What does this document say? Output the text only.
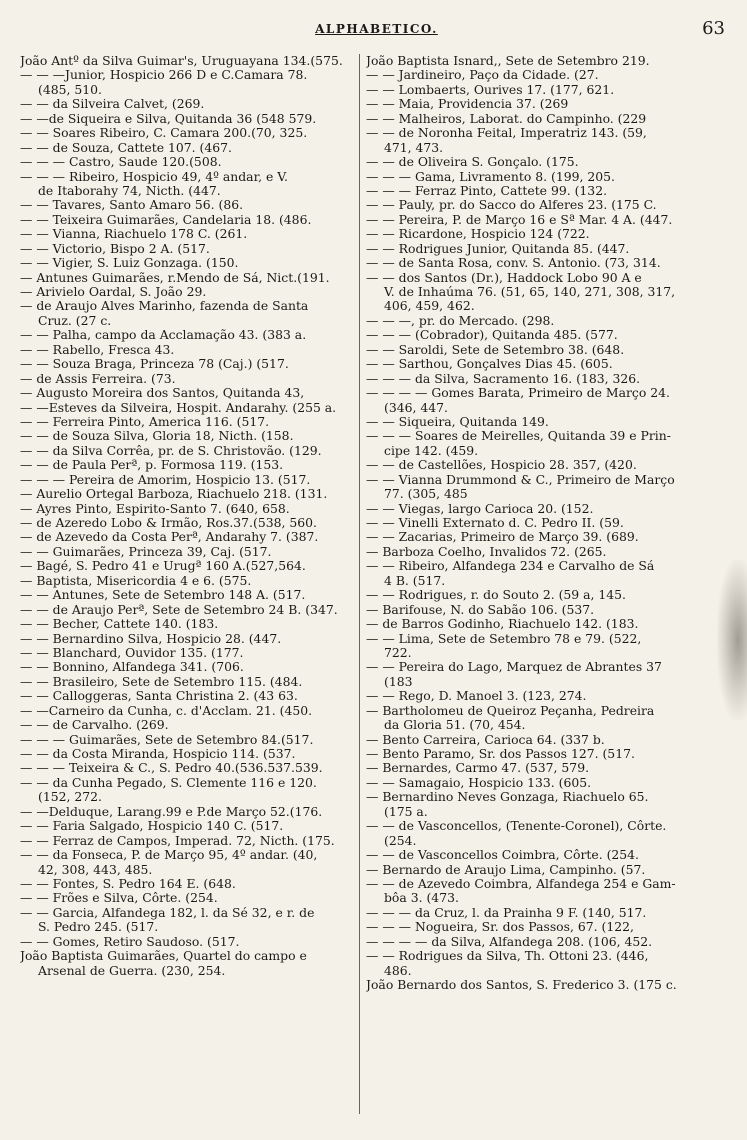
ALPHABETICO.	63
João Antº da Silva Guimar's, Uruguayana 134.(575.
— — —Junior, Hospicio 266 D e C.Camara 78.
(485, 510.
— — da Silveira Calvet, (269.
— —de Siqueira e Silva, Quitanda 36 (548 579.
— — Soares Ribeiro, C. Camara 200.(70, 325.
— — de Souza, Cattete 107. (467.
— — — Castro, Saude 120.(508.
— — — Ribeiro, Hospicio 49, 4º andar, e V.
de Itaborahy 74, Nicth. (447.
— — Tavares, Santo Amaro 56. (86.
— — Teixeira Guimarães, Candelaria 18. (486.
— — Vianna, Riachuelo 178 C. (261.
— — Victorio, Bispo 2 A. (517.
— — Vigier, S. Luiz Gonzaga. (150.
— Antunes Guimarães, r.Mendo de Sá, Nict.(191.
— Arivielo Oardal, S. João 29.
— de Araujo Alves Marinho, fazenda de Santa
Cruz. (27 c.
— — Palha, campo da Acclamação 43. (383 a.
— — Rabello, Fresca 43.
— — Souza Braga, Princeza 78 (Caj.) (517.
— de Assis Ferreira. (73.
— Augusto Moreira dos Santos, Quitanda 43,
— —Esteves da Silveira, Hospit. Andarahy. (255 a.
— — Ferreira Pinto, America 116. (517.
— — de Souza Silva, Gloria 18, Nicth. (158.
— — da Silva Corrêa, pr. de S. Christovão. (129.
— — de Paula Perª, p. Formosa 119. (153.
— — — Pereira de Amorim, Hospicio 13. (517.
— Aurelio Ortegal Barboza, Riachuelo 218. (131.
— Ayres Pinto, Espirito-Santo 7. (640, 658.
— de Azeredo Lobo & Irmão, Ros.37.(538, 560.
— de Azevedo da Costa Perª, Andarahy 7. (387.
— — Guimarães, Princeza 39, Caj. (517.
— Bagé, S. Pedro 41 e Urugª 160 A.(527,564.
— Baptista, Misericordia 4 e 6. (575.
— — Antunes, Sete de Setembro 148 A. (517.
— — de Araujo Perª, Sete de Setembro 24 B. (347.
— — Becher, Cattete 140. (183.
— — Bernardino Silva, Hospicio 28. (447.
— — Blanchard, Ouvidor 135. (177.
— — Bonnino, Alfandega 341. (706.
— — Brasileiro, Sete de Setembro 115. (484.
— — Calloggeras, Santa Christina 2. (43 63.
— —Carneiro da Cunha, c. d'Acclam. 21. (450.
— — de Carvalho. (269.
— — — Guimarães, Sete de Setembro 84.(517.
— — da Costa Miranda, Hospicio 114. (537.
— — — Teixeira & C., S. Pedro 40.(536.537.539.
— — da Cunha Pegado, S. Clemente 116 e 120.
(152, 272.
— —Delduque, Larang.99 e P.de Março 52.(176.
— — Faria Salgado, Hospicio 140 C. (517.
— — Ferraz de Campos, Imperad. 72, Nicth. (175.
— — da Fonseca, P. de Março 95, 4º andar. (40,
42, 308, 443, 485.
— — Fontes, S. Pedro 164 E. (648.
— — Frões e Silva, Côrte. (254.
— — Garcia, Alfandega 182, l. da Sé 32, e r. de
S. Pedro 245. (517.
— — Gomes, Retiro Saudoso. (517.
João Baptista Guimarães, Quartel do campo e
Arsenal de Guerra. (230, 254.
João Baptista Isnard,, Sete de Setembro 219.
— — Jardineiro, Paço da Cidade. (27.
— — Lombaerts, Ourives 17. (177, 621.
— — Maia, Providencia 37. (269
— — Malheiros, Laborat. do Campinho. (229
— — de Noronha Feital, Imperatriz 143. (59,
471, 473.
— — de Oliveira S. Gonçalo. (175.
— — — Gama, Livramento 8. (199, 205.
— — — Ferraz Pinto, Cattete 99. (132.
— — Pauly, pr. do Sacco do Alferes 23. (175 C.
— — Pereira, P. de Março 16 e Sª Mar. 4 A. (447.
— — Ricardone, Hospicio 124 (722.
— — Rodrigues Junior, Quitanda 85. (447.
— — de Santa Rosa, conv. S. Antonio. (73, 314.
— — dos Santos (Dr.), Haddock Lobo 90 A e
V. de Inhaúma 76. (51, 65, 140, 271, 308, 317,
406, 459, 462.
— — —, pr. do Mercado. (298.
— — — (Cobrador), Quitanda 485. (577.
— — Saroldi, Sete de Setembro 38. (648.
— — Sarthou, Gonçalves Dias 45. (605.
— — — da Silva, Sacramento 16. (183, 326.
— — — — Gomes Barata, Primeiro de Março 24.
(346, 447.
— — Siqueira, Quitanda 149.
— — — Soares de Meirelles, Quitanda 39 e Prin-
cipe 142. (459.
— — de Castellões, Hospicio 28. 357, (420.
— — Vianna Drummond & C., Primeiro de Março
77. (305, 485
— — Viegas, largo Carioca 20. (152.
— — Vinelli Externato d. C. Pedro II. (59.
— — Zacarias, Primeiro de Março 39. (689.
— Barboza Coelho, Invalidos 72. (265.
— — Ribeiro, Alfandega 234 e Carvalho de Sá
4 B. (517.
— — Rodrigues, r. do Souto 2. (59 a, 145.
— Barifouse, N. do Sabão 106. (537.
— de Barros Godinho, Riachuelo 142. (183.
— — Lima, Sete de Setembro 78 e 79. (522,
722.
— — Pereira do Lago, Marquez de Abrantes 37
(183
— — Rego, D. Manoel 3. (123, 274.
— Bartholomeu de Queiroz Peçanha, Pedreira
da Gloria 51. (70, 454.
— Bento Carreira, Carioca 64. (337 b.
— Bento Paramo, Sr. dos Passos 127. (517.
— Bernardes, Carmo 47. (537, 579.
— — Samagaio, Hospicio 133. (605.
— Bernardino Neves Gonzaga, Riachuelo 65.
(175 a.
— — de Vasconcellos, (Tenente-Coronel), Côrte.
(254.
— — de Vasconcellos Coimbra, Côrte. (254.
— Bernardo de Araujo Lima, Campinho. (57.
— — de Azevedo Coimbra, Alfandega 254 e Gam-
bôa 3. (473.
— — — da Cruz, l. da Prainha 9 F. (140, 517.
— — — Nogueira, Sr. dos Passos, 67. (122,
— — — — da Silva, Alfandega 208. (106, 452.
— — Rodrigues da Silva, Th. Ottoni 23. (446,
486.
João Bernardo dos Santos, S. Frederico 3. (175 c.
